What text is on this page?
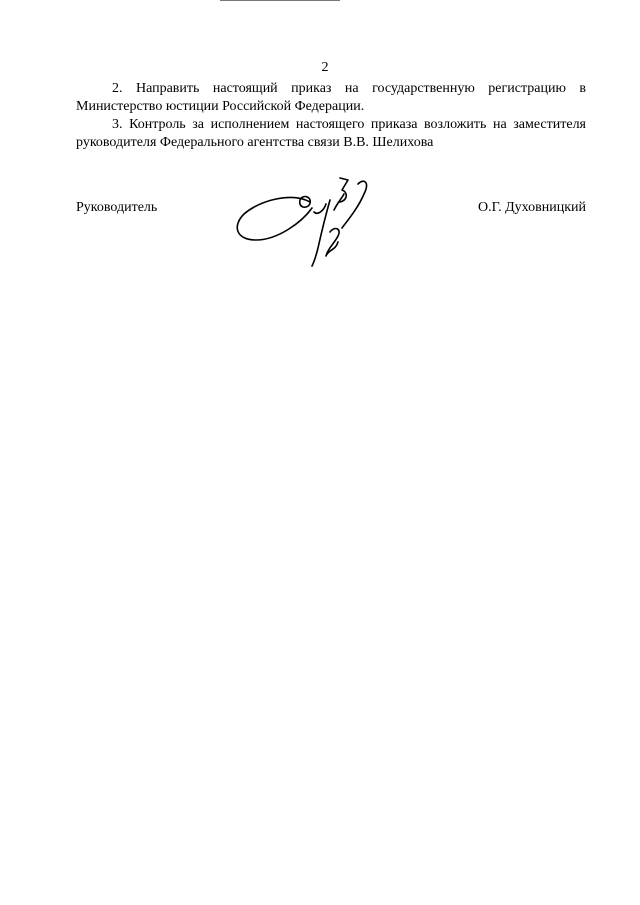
2

2. Направить настоящий приказ на государственную регистрацию в Министерство юстиции Российской Федерации.

3. Контроль за исполнением настоящего приказа возложить на заместителя руководителя Федерального агентства связи В.В. Шелихова

Руководитель	О.Г. Духовницкий
